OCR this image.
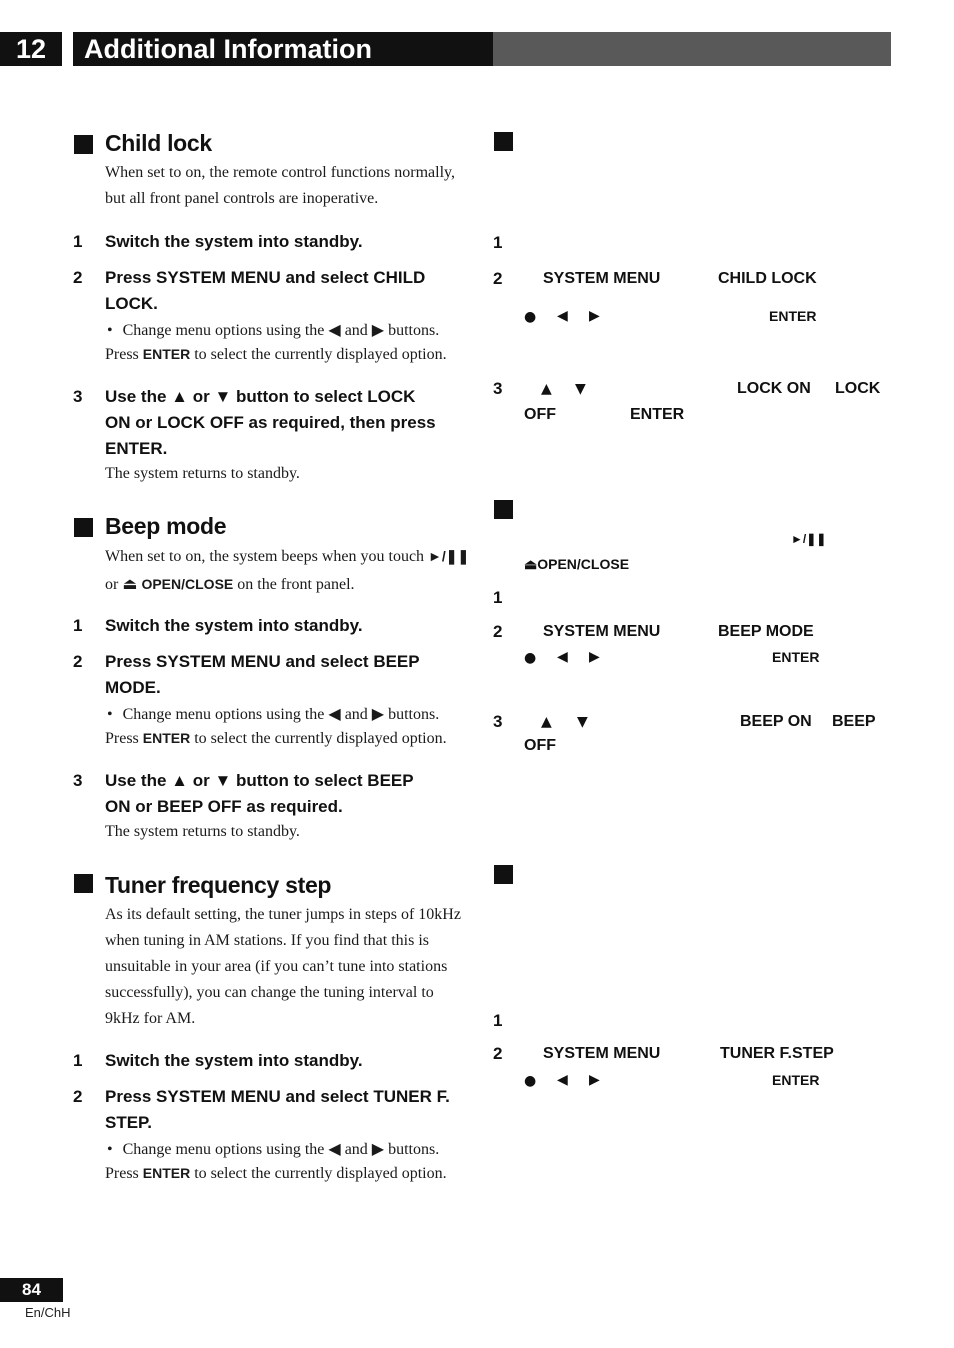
12	Additional Information
Child lock
When set to on, the remote control functions normally,
but all front panel controls are inoperative.
1 Switch the system into standby.
2 Press SYSTEM MENU and select CHILD
LOCK.
• Change menu options using the ◀ and ▶ buttons.
Press ENTER to select the currently displayed option.
3 Use the ▲ or ▼ button to select LOCK
ON or LOCK OFF as required, then press
ENTER.
The system returns to standby.
Beep mode
When set to on, the system beeps when you touch ►/❚❚
or ⏏ OPEN/CLOSE on the front panel.
1 Switch the system into standby.
2 Press SYSTEM MENU and select BEEP
MODE.
• Change menu options using the ◀ and ▶ buttons.
Press ENTER to select the currently displayed option.
3 Use the ▲ or ▼ button to select BEEP
ON or BEEP OFF as required.
The system returns to standby.
Tuner frequency step
As its default setting, the tuner jumps in steps of 10kHz
when tuning in AM stations. If you find that this is
unsuitable in your area (if you can’t tune into stations
successfully), you can change the tuning interval to
9kHz for AM.
1 Switch the system into standby.
2 Press SYSTEM MENU and select TUNER F.
STEP.
• Change menu options using the ◀ and ▶ buttons.
Press ENTER to select the currently displayed option.
1
2	SYSTEM MENU	CHILD LOCK
● ◀ ▶	ENTER
3	▲ ▼	LOCK ON LOCK
OFF	ENTER
►/❚❚
⏏OPEN/CLOSE
1
2	SYSTEM MENU	BEEP MODE
● ◀ ▶	ENTER
3	▲ ▼	BEEP ON BEEP
OFF
1
2	SYSTEM MENU	TUNER F.STEP
● ◀ ▶	ENTER
84
En/ChH
